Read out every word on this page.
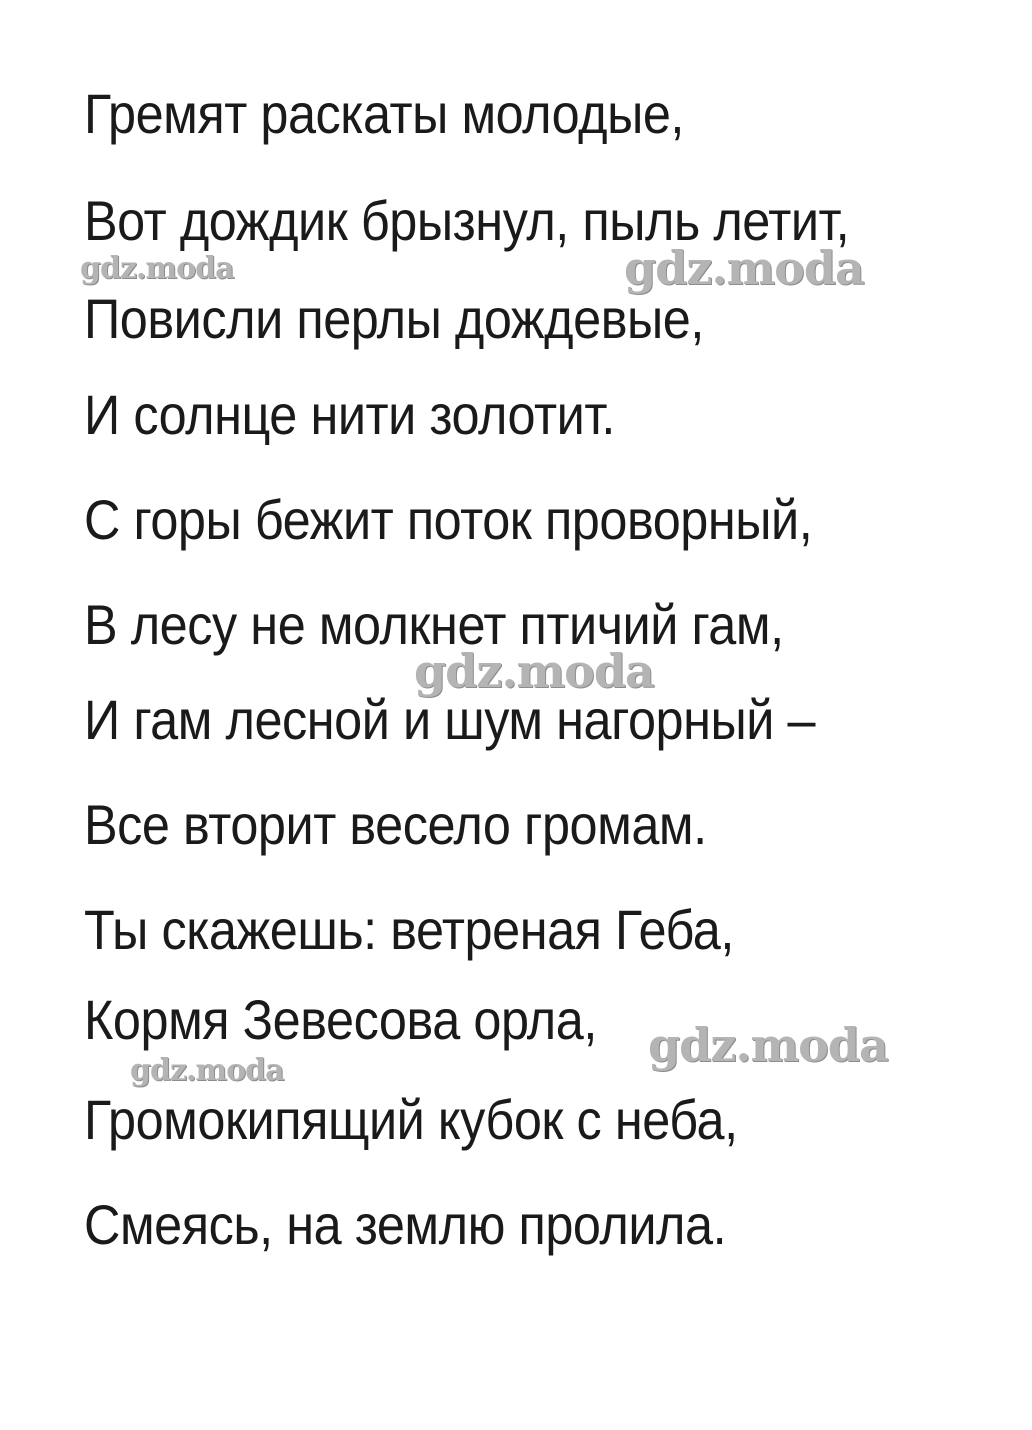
Гремят раскаты молодые,
Вот дождик брызнул, пыль летит,
Повисли перлы дождевые,
И солнце нити золотит.
С горы бежит поток проворный,
В лесу не молкнет птичий гам,
И гам лесной и шум нагорный –
Все вторит весело громам.
Ты скажешь: ветреная Геба,
Кормя Зевесова орла,
Громокипящий кубок с неба,
Смеясь, на землю пролила.
gdz.moda	gdz.moda
gdz.moda
gdz.moda	gdz.moda
